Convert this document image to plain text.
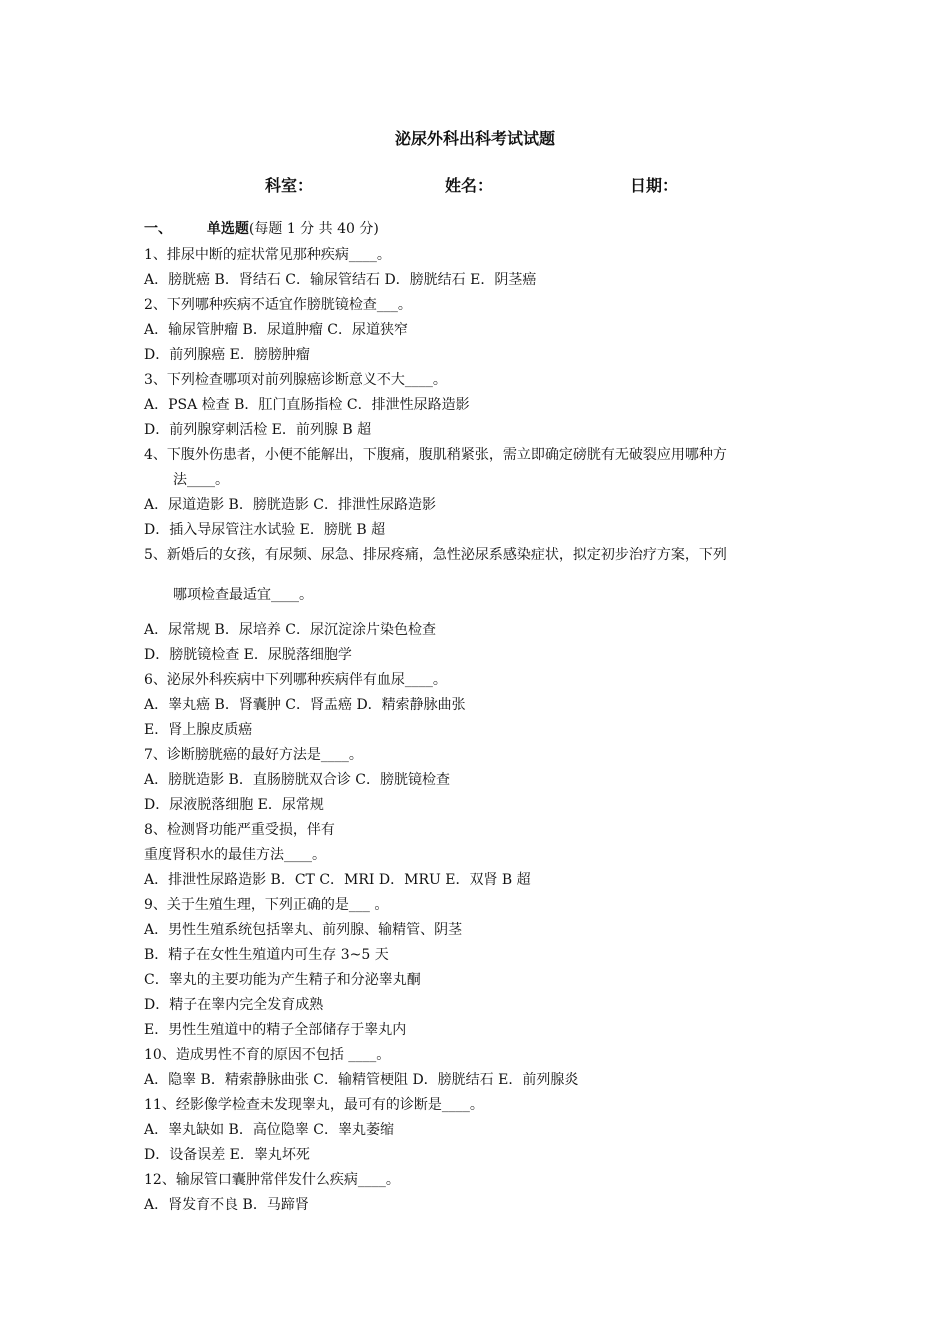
泌尿外科出科考试试题
科室：	姓名：	日期：
一、 单选题(每题 1 分 共 40 分)
1、排尿中断的症状常见那种疾病____。
A．膀胱癌 B．肾结石 C．输尿管结石 D．膀胱结石 E．阴茎癌
2、下列哪种疾病不适宜作膀胱镜检查___。
A．输尿管肿瘤 B．尿道肿瘤 C．尿道狭窄
D．前列腺癌 E．膀膀肿瘤
3、下列检查哪项对前列腺癌诊断意义不大____。
A．PSA 检查 B．肛门直肠指检 C．排泄性尿路造影
D．前列腺穿刺活检 E．前列腺 B 超
4、下腹外伤患者，小便不能解出，下腹痛，腹肌稍紧张，需立即确定磅胱有无破裂应用哪种方
法____。
A．尿道造影 B．膀胱造影 C．排泄性尿路造影
D．插入导尿管注水试验 E．膀胱 B 超
5、新婚后的女孩，有尿频、尿急、排尿疼痛，急性泌尿系感染症状，拟定初步治疗方案，下列
哪项检查最适宜____。
A．尿常规 B．尿培养 C．尿沉淀涂片染色检查
D．膀胱镜检查 E．尿脱落细胞学
6、泌尿外科疾病中下列哪种疾病伴有血尿____。
A．睾丸癌 B．肾囊肿 C．肾盂癌 D．精索静脉曲张
E．肾上腺皮质癌
7、诊断膀胱癌的最好方法是____。
A．膀胱造影 B．直肠膀胱双合诊 C．膀胱镜检查
D．尿液脱落细胞 E．尿常规
8、检测肾功能严重受损，伴有
重度肾积水的最佳方法____。
A．排泄性尿路造影 B．CT C．MRI D．MRU E．双肾 B 超
9、关于生殖生理，下列正确的是___ 。
A．男性生殖系统包括睾丸、前列腺、输精管、阴茎
B．精子在女性生殖道内可生存 3~5 天
C．睾丸的主要功能为产生精子和分泌睾丸酮
D．精子在睾内完全发育成熟
E．男性生殖道中的精子全部储存于睾丸内
10、造成男性不育的原因不包括 ____。
A．隐睾 B．精索静脉曲张 C．输精管梗阻 D．膀胱结石 E．前列腺炎
11、经影像学检查未发现睾丸，最可有的诊断是____。
A．睾丸缺如 B．高位隐睾 C．睾丸萎缩
D．设备误差 E．睾丸坏死
12、输尿管口囊肿常伴发什么疾病____。
A．肾发育不良 B．马蹄肾
